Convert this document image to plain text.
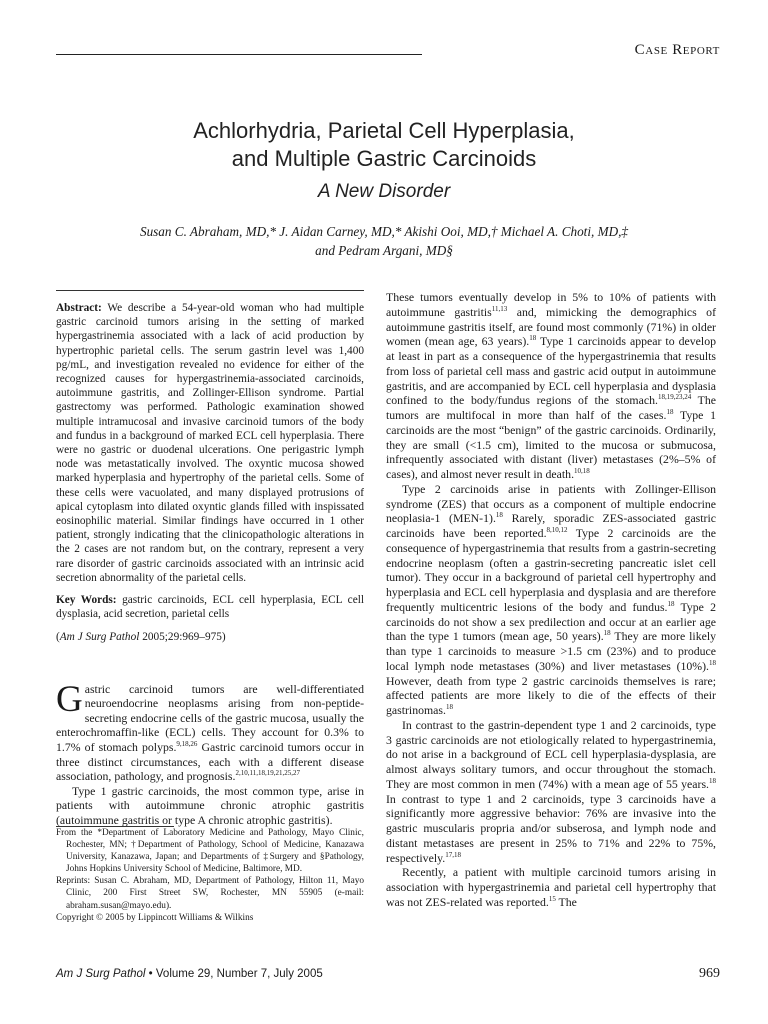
Case Report
Achlorhydria, Parietal Cell Hyperplasia,
and Multiple Gastric Carcinoids
A New Disorder
Susan C. Abraham, MD,* J. Aidan Carney, MD,* Akishi Ooi, MD,† Michael A. Choti, MD,‡
and Pedram Argani, MD§

Abstract: We describe a 54-year-old woman who had multiple gastric carcinoid tumors arising in the setting of marked hypergastrinemia associated with a lack of acid production by hypertrophic parietal cells. The serum gastrin level was 1,400 pg/mL, and investigation revealed no evidence for either of the recognized causes for hypergastrinemia-associated carcinoids, autoimmune gastritis, and Zollinger-Ellison syndrome. Partial gastrectomy was performed. Pathologic examination showed multiple intramucosal and invasive carcinoid tumors of the body and fundus in a background of marked ECL cell hyperplasia. There were no gastric or duodenal ulcerations. One perigastric lymph node was metastatically involved. The oxyntic mucosa showed marked hyperplasia and hypertrophy of the parietal cells. Some of these cells were vacuolated, and many displayed protrusions of apical cytoplasm into dilated oxyntic glands filled with inspissated eosinophilic material. Similar findings have occurred in 1 other patient, strongly indicating that the clinicopathologic alterations in the 2 cases are not random but, on the contrary, represent a very rare disorder of gastric carcinoids associated with an intrinsic acid secretion abnormality of the parietal cells.

Key Words: gastric carcinoids, ECL cell hyperplasia, ECL cell dysplasia, acid secretion, parietal cells

(Am J Surg Pathol 2005;29:969–975)

Gastric carcinoid tumors are well-differentiated neuroendocrine neoplasms arising from non-peptide-secreting endocrine cells of the gastric mucosa, usually the enterochromaffin-like (ECL) cells. They account for 0.3% to 1.7% of stomach polyps.$^{9,18,26}$ Gastric carcinoid tumors occur in three distinct circumstances, each with a different disease association, pathology, and prognosis.$^{2,10,11,18,19,21,25,27}$

Type 1 gastric carcinoids, the most common type, arise in patients with autoimmune chronic atrophic gastritis (autoimmune gastritis or type A chronic atrophic gastritis).

From the *Department of Laboratory Medicine and Pathology, Mayo Clinic, Rochester, MN; †Department of Pathology, School of Medicine, Kanazawa University, Kanazawa, Japan; and Departments of ‡Surgery and §Pathology, Johns Hopkins University School of Medicine, Baltimore, MD.
Reprints: Susan C. Abraham, MD, Department of Pathology, Hilton 11, Mayo Clinic, 200 First Street SW, Rochester, MN 55905 (e-mail: abraham.susan@mayo.edu).
Copyright © 2005 by Lippincott Williams & Wilkins

These tumors eventually develop in 5% to 10% of patients with autoimmune gastritis$^{11,13}$ and, mimicking the demographics of autoimmune gastritis itself, are found most commonly (71%) in older women (mean age, 63 years).$^{18}$ Type 1 carcinoids appear to develop at least in part as a consequence of the hypergastrinemia that results from loss of parietal cell mass and gastric acid output in autoimmune gastritis, and are accompanied by ECL cell hyperplasia and dysplasia confined to the body/fundus regions of the stomach.$^{18,19,23,24}$ The tumors are multifocal in more than half of the cases.$^{18}$ Type 1 carcinoids are the most “benign” of the gastric carcinoids. Ordinarily, they are small (<1.5 cm), limited to the mucosa or submucosa, infrequently associated with distant (liver) metastases (2%–5% of cases), and almost never result in death.$^{10,18}$

Type 2 carcinoids arise in patients with Zollinger-Ellison syndrome (ZES) that occurs as a component of multiple endocrine neoplasia-1 (MEN-1).$^{18}$ Rarely, sporadic ZES-associated gastric carcinoids have been reported.$^{8,10,12}$ Type 2 carcinoids are the consequence of hypergastrinemia that results from a gastrin-secreting endocrine neoplasm (often a gastrin-secreting pancreatic islet cell tumor). They occur in a background of parietal cell hypertrophy and hyperplasia and ECL cell hyperplasia and dysplasia and are therefore frequently multicentric lesions of the body and fundus.$^{18}$ Type 2 carcinoids do not show a sex predilection and occur at an earlier age than the type 1 tumors (mean age, 50 years).$^{18}$ They are more likely than type 1 carcinoids to measure >1.5 cm (23%) and to produce local lymph node metastases (30%) and liver metastases (10%).$^{18}$ However, death from type 2 gastric carcinoids themselves is rare; affected patients are more likely to die of the effects of their gastrinomas.$^{18}$

In contrast to the gastrin-dependent type 1 and 2 carcinoids, type 3 gastric carcinoids are not etiologically related to hypergastrinemia, do not arise in a background of ECL cell hyperplasia-dysplasia, are almost always solitary tumors, and occur throughout the stomach. They are most common in men (74%) with a mean age of 55 years.$^{18}$ In contrast to type 1 and 2 carcinoids, type 3 carcinoids have a significantly more aggressive behavior: 76% are invasive into the gastric muscularis propria and/or subserosa, and lymph node and distant metastases are present in 25% to 71% and 22% to 75%, respectively.$^{17,18}$

Recently, a patient with multiple carcinoid tumors arising in association with hypergastrinemia and parietal cell hypertrophy that was not ZES-related was reported.$^{15}$ The

Am J Surg Pathol • Volume 29, Number 7, July 2005	969
